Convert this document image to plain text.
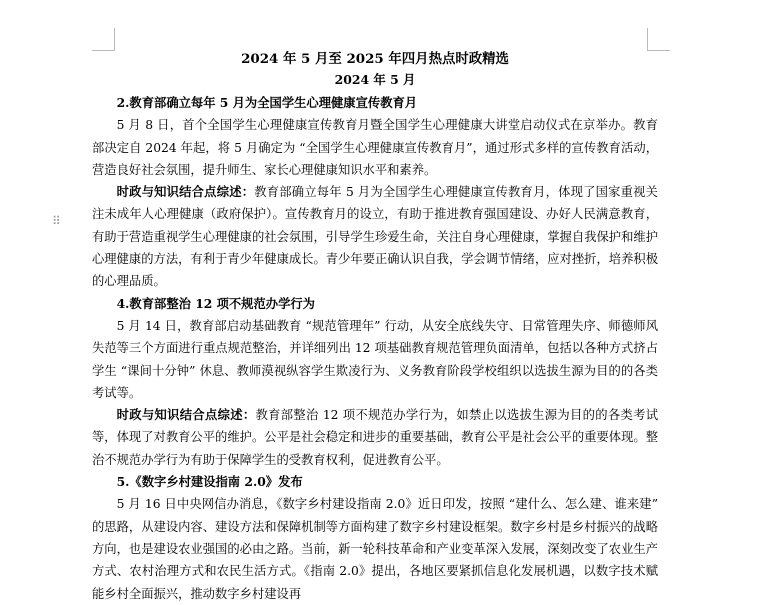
⠿
2024 年 5 月至 2025 年四月热点时政精选
2024 年 5 月

2.教育部确立每年 5 月为全国学生心理健康宣传教育月

5 月 8 日，首个全国学生心理健康宣传教育月暨全国学生心理健康大讲堂启动仪式在京举办。教育部决定自 2024 年起，将 5 月确定为 “全国学生心理健康宣传教育月”，通过形式多样的宣传教育活动，营造良好社会氛围，提升师生、家长心理健康知识水平和素养。

时政与知识结合点综述：教育部确立每年 5 月为全国学生心理健康宣传教育月，体现了国家重视关注未成年人心理健康（政府保护）。宣传教育月的设立，有助于推进教育强国建设、办好人民满意教育，有助于营造重视学生心理健康的社会氛围，引导学生珍爱生命，关注自身心理健康，掌握自我保护和维护心理健康的方法，有利于青少年健康成长。青少年要正确认识自我，学会调节情绪，应对挫折，培养积极的心理品质。

4.教育部整治 12 项不规范办学行为

5 月 14 日，教育部启动基础教育 “规范管理年” 行动，从安全底线失守、日常管理失序、师德师风失范等三个方面进行重点规范整治，并详细列出 12 项基础教育规范管理负面清单，包括以各种方式挤占学生 “课间十分钟” 休息、教师漠视纵容学生欺凌行为、义务教育阶段学校组织以选拔生源为目的的各类考试等。

时政与知识结合点综述：教育部整治 12 项不规范办学行为，如禁止以选拔生源为目的的各类考试等，体现了对教育公平的维护。公平是社会稳定和进步的重要基础，教育公平是社会公平的重要体现。整治不规范办学行为有助于保障学生的受教育权利，促进教育公平。

5.《数字乡村建设指南 2.0》发布

5 月 16 日中央网信办消息，《数字乡村建设指南 2.0》近日印发，按照 “建什么、怎么建、谁来建” 的思路，从建设内容、建设方法和保障机制等方面构建了数字乡村建设框架。数字乡村是乡村振兴的战略方向，也是建设农业强国的必由之路。当前，新一轮科技革命和产业变革深入发展，深刻改变了农业生产方式、农村治理方式和农民生活方式。《指南 2.0》提出，各地区要紧抓信息化发展机遇，以数字技术赋能乡村全面振兴，推动数字乡村建设再
